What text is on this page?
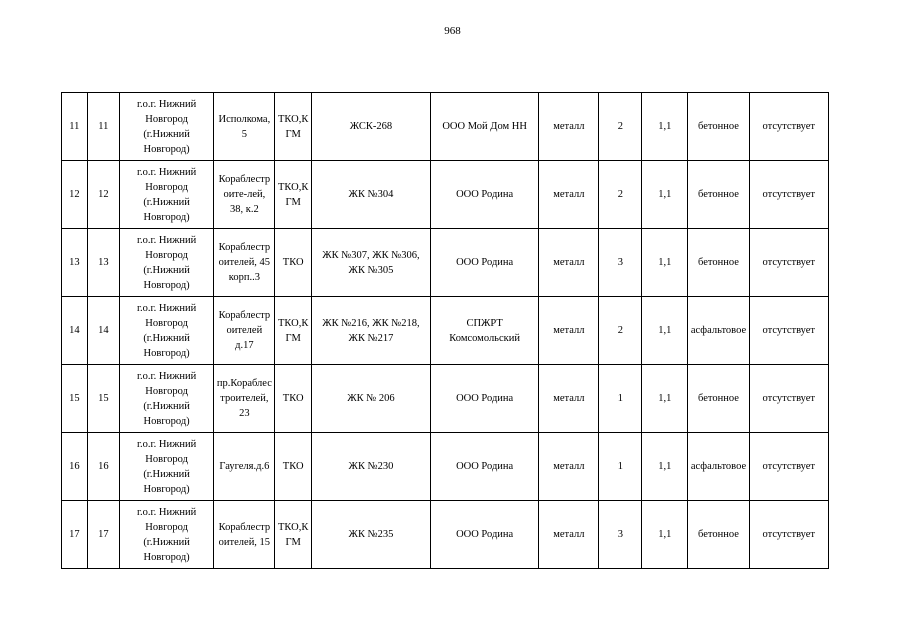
968
11	11	г.о.г. Нижний Новгород (г.Нижний Новгород)	Исполкома, 5	ТКО,КГМ	ЖСК-268	ООО Мой Дом НН	металл	2	1,1	бетонное	отсутствует
12	12	г.о.г. Нижний Новгород (г.Нижний Новгород)	Кораблестроите-лей, 38, к.2	ТКО,КГМ	ЖК №304	ООО Родина	металл	2	1,1	бетонное	отсутствует
13	13	г.о.г. Нижний Новгород (г.Нижний Новгород)	Кораблестроителей, 45 корп..3	ТКО	ЖК №307, ЖК №306, ЖК №305	ООО Родина	металл	3	1,1	бетонное	отсутствует
14	14	г.о.г. Нижний Новгород (г.Нижний Новгород)	Кораблестроителей д.17	ТКО,КГМ	ЖК №216, ЖК №218, ЖК №217	СПЖРТ Комсомольский	металл	2	1,1	асфальтовое	отсутствует
15	15	г.о.г. Нижний Новгород (г.Нижний Новгород)	пр.Кораблестроителей, 23	ТКО	ЖК № 206	ООО Родина	металл	1	1,1	бетонное	отсутствует
16	16	г.о.г. Нижний Новгород (г.Нижний Новгород)	Гаугеля.д.6	ТКО	ЖК №230	ООО Родина	металл	1	1,1	асфальтовое	отсутствует
17	17	г.о.г. Нижний Новгород (г.Нижний Новгород)	Кораблестроителей, 15	ТКО,КГМ	ЖК №235	ООО Родина	металл	3	1,1	бетонное	отсутствует
